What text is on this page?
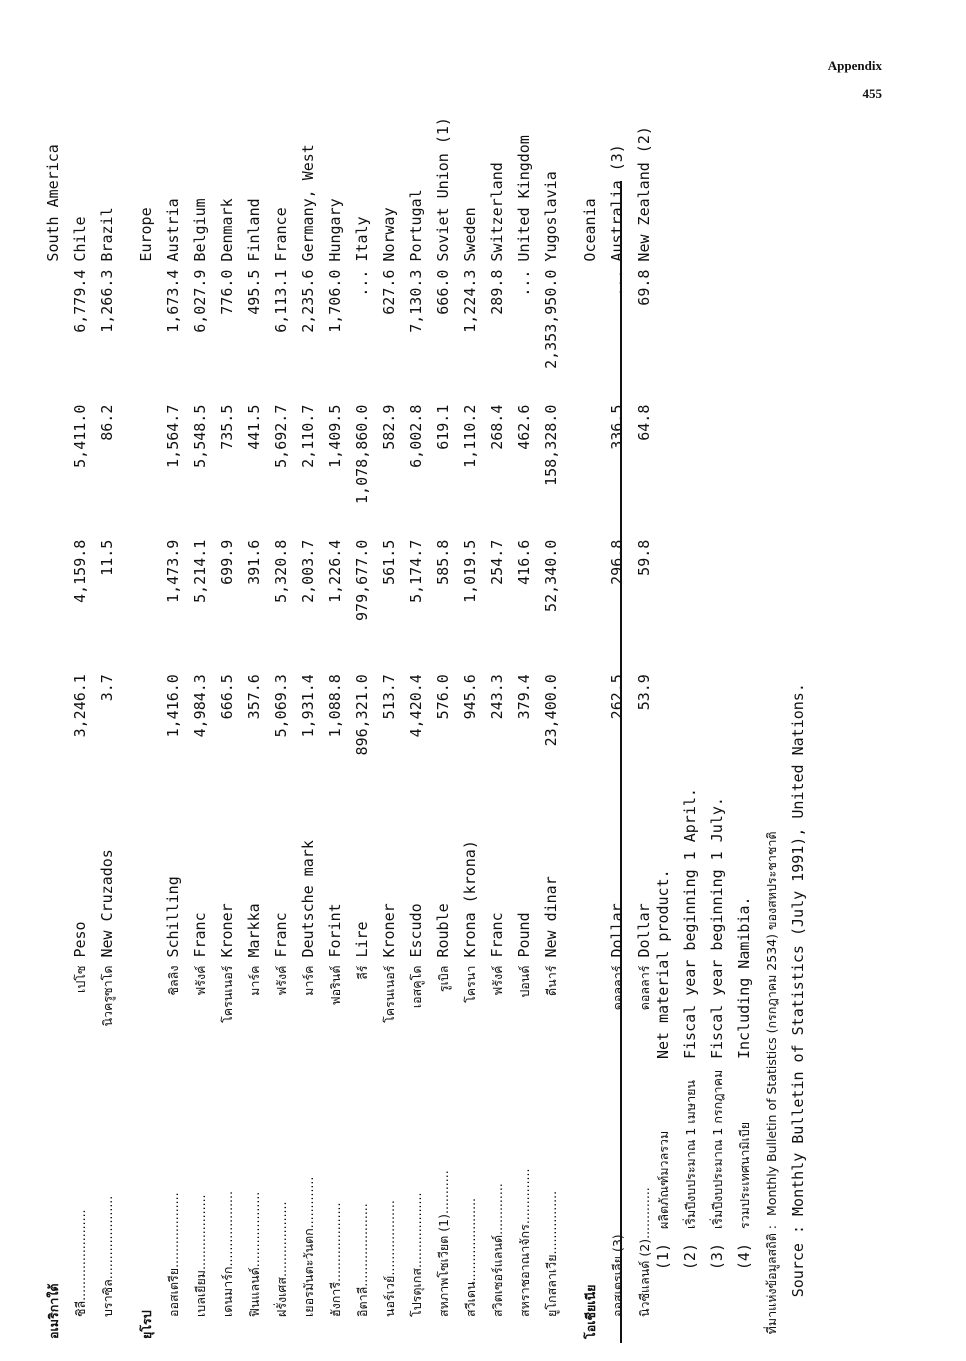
Appendix
455
อเมริกาใต้							South America	
ชิลี.......................	เปโซ	Peso	3,246.1	4,159.8	5,411.0	6,779.4	Chile	
บราซิล.....................	นิวครูซาโด	New Cruzados	3.7	11.5	86.2	1,266.3	Brazil	

ยุโรป							Europe	
ออสเตรีย...................	ชิลลิง	Schilling	1,416.0	1,473.9	1,564.7	1,673.4	Austria	
เบลเยียม...................	ฟรังค์	Franc	4,984.3	5,214.1	5,548.5	6,027.9	Belgium	
เดนมาร์ก...................	โครนเนอร์	Kroner	666.5	699.9	735.5	776.0	Denmark	
ฟินแลนด์...................	มาร์ค	Markka	357.6	391.6	441.5	495.5	Finland	
ฝรั่งเศส...................	ฟรังค์	Franc	5,069.3	5,320.8	5,692.7	6,113.1	France	
เยอรมันตะวันตก.............	มาร์ค	Deutsche mark	1,931.4	2,003.7	2,110.7	2,235.6	Germany, West	
ฮังการี....................	ฟอรินต์	Forint	1,088.8	1,226.4	1,409.5	1,706.0	Hungary	
อิตาลี.....................	ลีร์	Lire	896,321.0	979,677.0	1,078,860.0	...	Italy	
นอร์เวย์...................	โครนเนอร์	Kroner	513.7	561.5	582.9	627.6	Norway	
โปรตุเกส...................	เอสคูโด	Escudo	4,420.4	5,174.7	6,002.8	7,130.3	Portugal	
สหภาพโซเวียต (1)...........	รูเบิล	Rouble	576.0	585.8	619.1	666.0	Soviet Union (1)	
สวีเดน.....................	โครนา	Krona (krona)	945.6	1,019.5	1,110.2	1,224.3	Sweden	
สวิตเซอร์แลนด์.............	ฟรังค์	Franc	243.3	254.7	268.4	289.8	Switzerland	
สหราชอาณาจักร..............	ปอนด์	Pound	379.4	416.6	462.6	...	United Kingdom	
ยูโกสลาเวีย................	ดีนาร์	New dinar	23,400.0	52,340.0	158,328.0	2,353,950.0	Yugoslavia	

โอเชียเนีย							Oceania	
ออสเตรเลีย (3).............	ดอลลาร์	Dollar	262.5	296.8	336.5	...	Australia (3)	
นิวซีแลนด์ (2).............	ดอลลาร์	Dollar	53.9	59.8	64.8	69.8	New Zealand (2)	
(1)ผลิตภัณฑ์มวลรวมNet material product.
(2)เริ่มปีงบประมาณ 1 เมษายนFiscal year beginning 1 April.
(3)เริ่มปีงบประมาณ 1 กรกฎาคมFiscal year beginning 1 July.
(4)รวมประเทศนามิเบียIncluding Namibia.
ที่มาแห่งข้อมูลสถิติ : Monthly Bulletin of Statistics (กรกฎาคม 2534) ของสหประชาชาติ
Source : Monthly Bulletin of Statistics (July 1991), United Nations.
